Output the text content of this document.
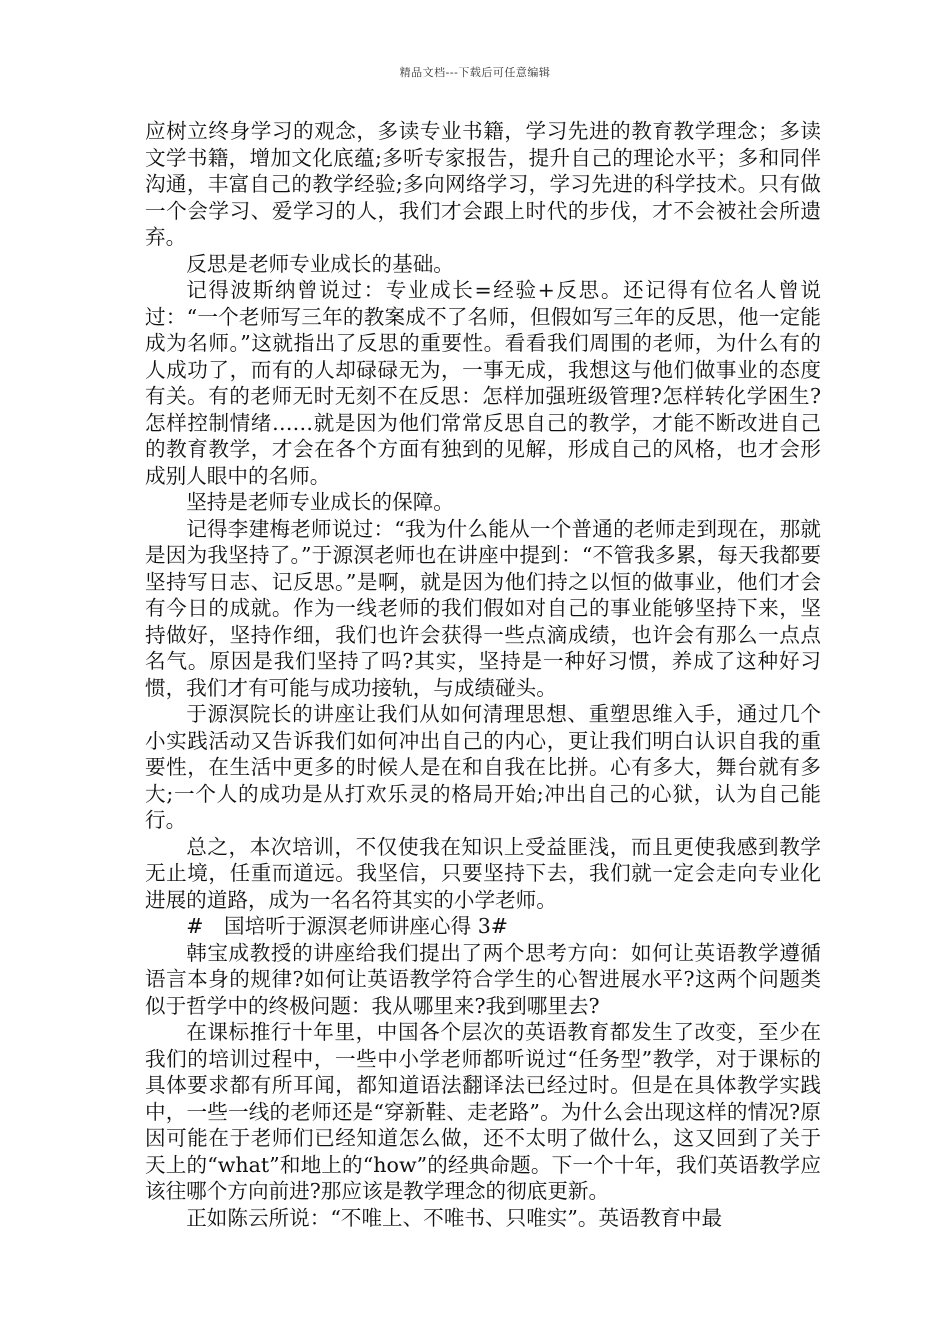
精品文档---下载后可任意编辑

应树立终身学习的观念，多读专业书籍，学习先进的教育教学理念；多读文学书籍，增加文化底蕴;多听专家报告，提升自己的理论水平；多和同伴沟通，丰富自己的教学经验;多向网络学习，学习先进的科学技术。只有做一个会学习、爱学习的人，我们才会跟上时代的步伐，才不会被社会所遗弃。

反思是老师专业成长的基础。

记得波斯纳曾说过：专业成长=经验+反思。还记得有位名人曾说过：“一个老师写三年的教案成不了名师，但假如写三年的反思，他一定能成为名师。”这就指出了反思的重要性。看看我们周围的老师，为什么有的人成功了，而有的人却碌碌无为，一事无成，我想这与他们做事业的态度有关。有的老师无时无刻不在反思：怎样加强班级管理?怎样转化学困生?怎样控制情绪……就是因为他们常常反思自己的教学，才能不断改进自己的教育教学，才会在各个方面有独到的见解，形成自己的风格，也才会形成别人眼中的名师。

坚持是老师专业成长的保障。

记得李建梅老师说过：“我为什么能从一个普通的老师走到现在，那就是因为我坚持了。”于源溟老师也在讲座中提到：“不管我多累，每天我都要坚持写日志、记反思。”是啊，就是因为他们持之以恒的做事业，他们才会有今日的成就。作为一线老师的我们假如对自己的事业能够坚持下来，坚持做好，坚持作细，我们也许会获得一些点滴成绩，也许会有那么一点点名气。原因是我们坚持了吗?其实，坚持是一种好习惯，养成了这种好习惯，我们才有可能与成功接轨，与成绩碰头。

于源溟院长的讲座让我们从如何清理思想、重塑思维入手，通过几个小实践活动又告诉我们如何冲出自己的内心，更让我们明白认识自我的重要性，在生活中更多的时候人是在和自我在比拼。心有多大，舞台就有多大;一个人的成功是从打欢乐灵的格局开始;冲出自己的心狱，认为自己能行。

总之，本次培训，不仅使我在知识上受益匪浅，而且更使我感到教学无止境，任重而道远。我坚信，只要坚持下去，我们就一定会走向专业化进展的道路，成为一名名符其实的小学老师。

#　国培听于源溟老师讲座心得 3#

韩宝成教授的讲座给我们提出了两个思考方向：如何让英语教学遵循语言本身的规律?如何让英语教学符合学生的心智进展水平?这两个问题类似于哲学中的终极问题：我从哪里来?我到哪里去?

在课标推行十年里，中国各个层次的英语教育都发生了改变，至少在我们的培训过程中，一些中小学老师都听说过“任务型”教学，对于课标的具体要求都有所耳闻，都知道语法翻译法已经过时。但是在具体教学实践中，一些一线的老师还是“穿新鞋、走老路”。为什么会出现这样的情况?原因可能在于老师们已经知道怎么做，还不太明了做什么，这又回到了关于天上的“what”和地上的“how”的经典命题。下一个十年，我们英语教学应该往哪个方向前进?那应该是教学理念的彻底更新。

正如陈云所说：“不唯上、不唯书、只唯实”。英语教育中最
